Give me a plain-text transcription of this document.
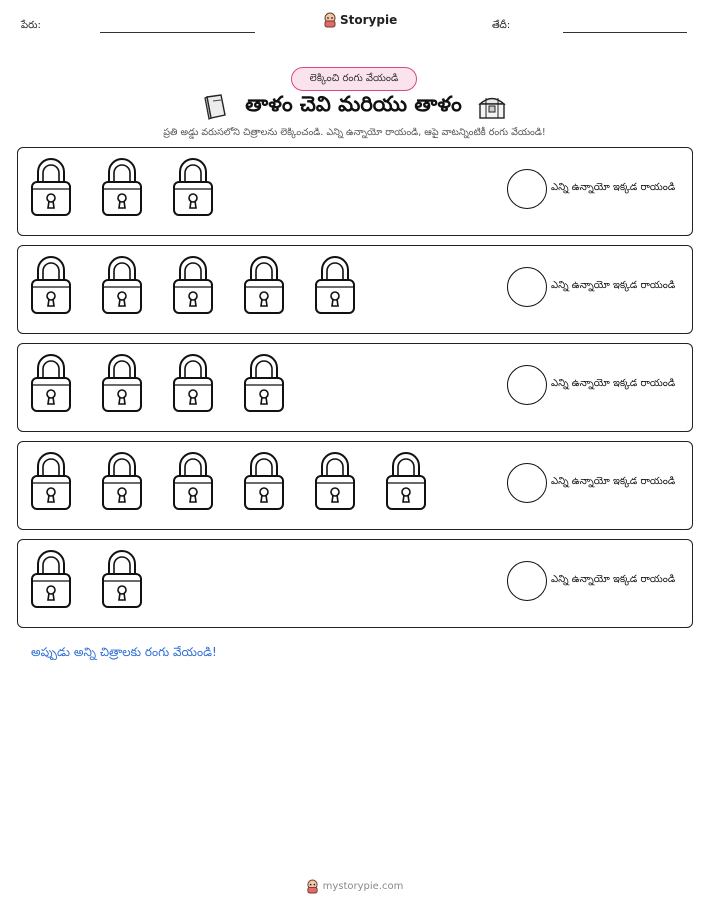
పేరు:	Storypie	తేదీ:
లెక్కించి రంగు వేయండి
తాళం చెవి మరియు తాళం
ప్రతి అడ్డు వరుసలోని చిత్రాలను లెక్కించండి. ఎన్ని ఉన్నాయో రాయండి, ఆపై వాటన్నింటికీ రంగు వేయండి!
ఎన్ని ఉన్నాయో ఇక్కడ రాయండి
ఎన్ని ఉన్నాయో ఇక్కడ రాయండి
ఎన్ని ఉన్నాయో ఇక్కడ రాయండి
ఎన్ని ఉన్నాయో ఇక్కడ రాయండి
ఎన్ని ఉన్నాయో ఇక్కడ రాయండి
అప్పుడు అన్ని చిత్రాలకు రంగు వేయండి!
mystorypie.com
